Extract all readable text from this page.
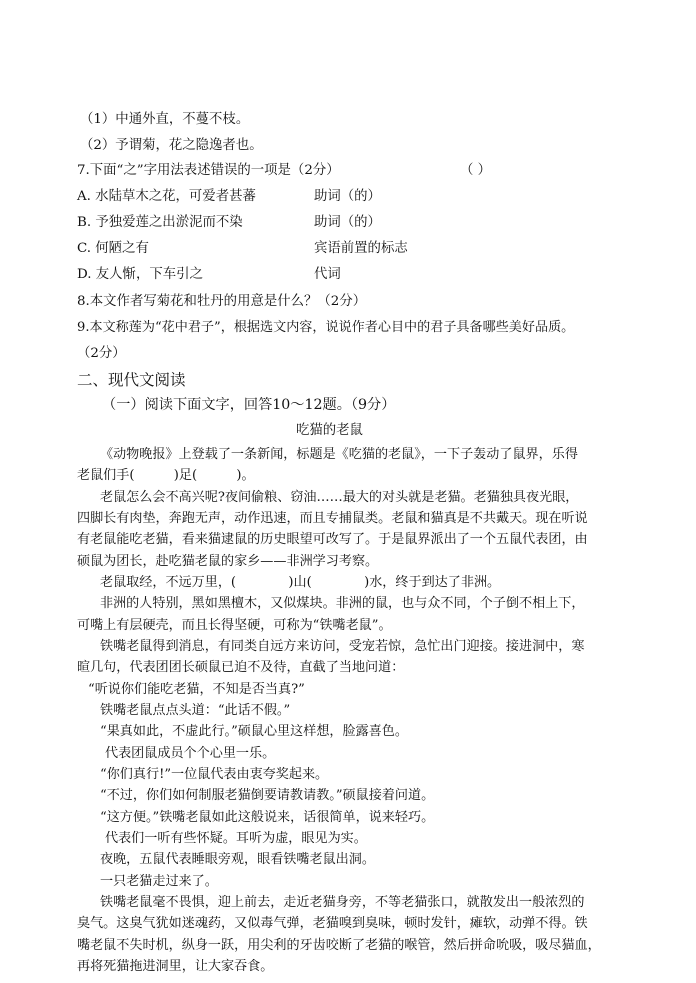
（1）中通外直，不蔓不枝。
（2）予谓菊，花之隐逸者也。
7.下面“之”字用法表述错误的一项是（2分）	（ ）
A. 水陆草木之花，可爱者甚蕃	助词（的）
B. 予独爱莲之出淤泥而不染	助词（的）
C. 何陋之有	宾语前置的标志
D. 友人惭，下车引之	代词
8.本文作者写菊花和牡丹的用意是什么？（2分）
9.本文称莲为“花中君子”，根据选文内容，说说作者心目中的君子具备哪些美好品质。
（2分）
二、现代文阅读
（一）阅读下面文字，回答10～12题。（9分）
吃猫的老鼠
《动物晚报》上登载了一条新闻，标题是《吃猫的老鼠》，一下子轰动了鼠界，乐得
老鼠们手(　　　)足(　　　)。
老鼠怎么会不高兴呢?夜间偷粮、窃油……最大的对头就是老猫。老猫独具夜光眼，
四脚长有肉垫，奔跑无声，动作迅速，而且专捕鼠类。老鼠和猫真是不共戴天。现在听说
有老鼠能吃老猫，看来猫逮鼠的历史眼望可改写了。于是鼠界派出了一个五鼠代表团，由
硕鼠为团长，赴吃猫老鼠的家乡——非洲学习考察。
老鼠取经，不远万里，(　　　　)山(　　　　)水，终于到达了非洲。
非洲的人特别，黑如黑檀木，又似煤块。非洲的鼠，也与众不同，个子倒不相上下，
可嘴上有层硬壳，而且长得坚硬，可称为“铁嘴老鼠”。
铁嘴老鼠得到消息，有同类自远方来访问，受宠若惊，急忙出门迎接。接进洞中，寒
暄几句，代表团团长硕鼠已迫不及待，直截了当地问道：
“听说你们能吃老猫，不知是否当真?”
铁嘴老鼠点点头道：“此话不假。”
“果真如此，不虚此行。”硕鼠心里这样想，脸露喜色。
代表团鼠成员个个心里一乐。
“你们真行!”一位鼠代表由衷夸奖起来。
“不过，你们如何制服老猫倒要请教请教。”硕鼠接着问道。
“这方便。”铁嘴老鼠如此这般说来，话很简单，说来轻巧。
代表们一听有些怀疑。耳听为虚，眼见为实。
夜晚，五鼠代表睡眼旁观，眼看铁嘴老鼠出洞。
一只老猫走过来了。
铁嘴老鼠毫不畏惧，迎上前去，走近老猫身旁，不等老猫张口，就散发出一般浓烈的
臭气。这臭气犹如迷魂药，又似毒气弹，老猫嗅到臭味，顿时发针，瘫软，动弹不得。铁
嘴老鼠不失时机，纵身一跃，用尖利的牙齿咬断了老猫的喉管，然后拼命吮吸，吸尽猫血，
再将死猫拖进洞里，让大家吞食。
